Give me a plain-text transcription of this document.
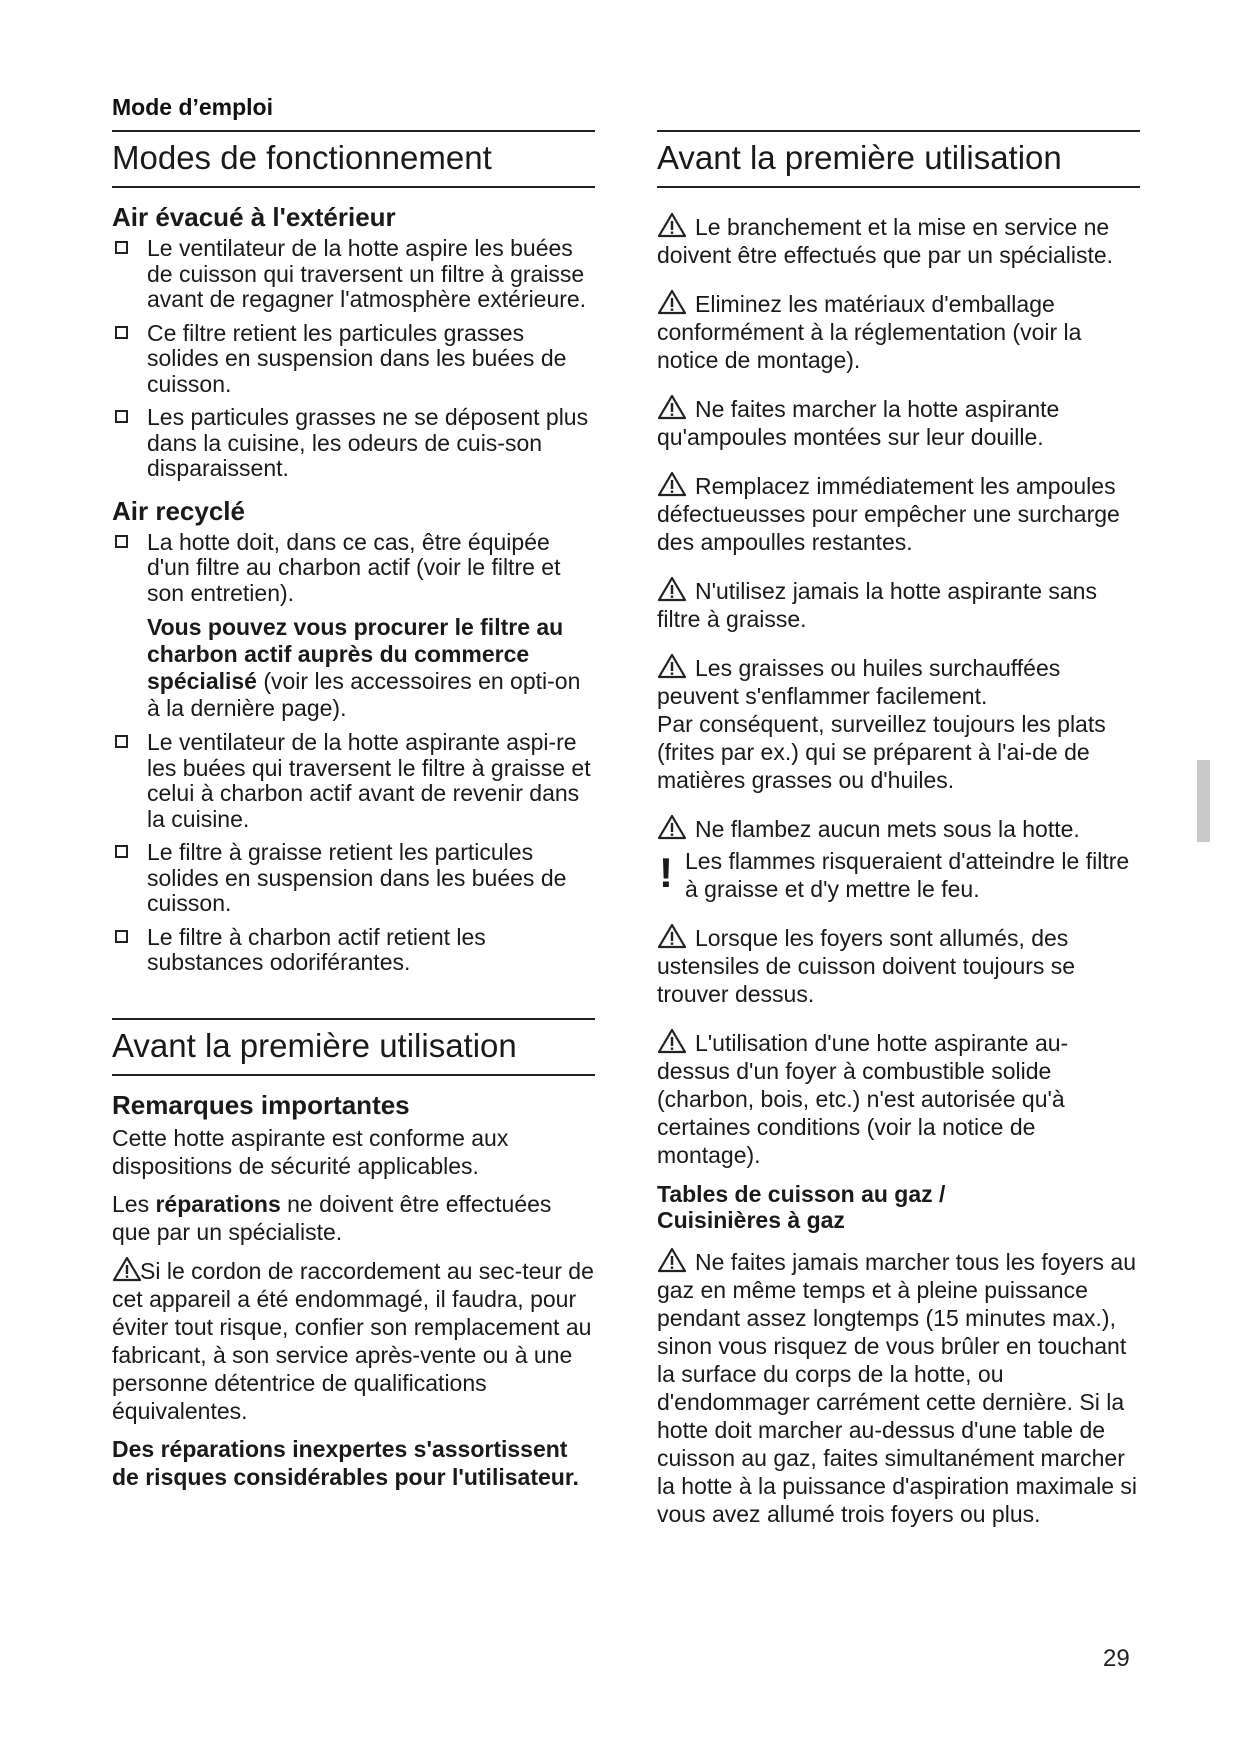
Mode d’emploi
Modes de fonctionnement
Air évacué à l'extérieur
Le ventilateur de la hotte aspire les buées de cuisson qui traversent un filtre à graisse avant de regagner l'atmosphère extérieure.
Ce filtre retient les particules grasses solides en suspension dans les buées de cuisson.
Les particules grasses ne se déposent plus dans la cuisine, les odeurs de cuis-son disparaissent.
Air recyclé
La hotte doit, dans ce cas, être équipée d'un filtre au charbon actif (voir le filtre et son entretien).
Vous pouvez vous procurer le filtre au charbon actif auprès du commerce spécialisé (voir les accessoires en opti-on à la dernière page).
Le ventilateur de la hotte aspirante aspi-re les buées qui traversent le filtre à graisse et celui à charbon actif avant de revenir dans la cuisine.
Le filtre à graisse retient les particules solides en suspension dans les buées de cuisson.
Le filtre à charbon actif retient les substances odoriférantes.
Avant la première utilisation
Remarques importantes

Cette hotte aspirante est conforme aux dispositions de sécurité applicables.

Les réparations ne doivent être effectuées que par un spécialiste.

Si le cordon de raccordement au sec-teur de cet appareil a été endommagé, il faudra, pour éviter tout risque, confier son remplacement au fabricant, à son service après-vente ou à une personne détentrice de qualifications équivalentes.

Des réparations inexpertes s'assortissent de risques considérables pour l'utilisateur.

Avant la première utilisation
Le branchement et la mise en service ne doivent être effectués que par un spécialiste.
Eliminez les matériaux d'emballage conformément à la réglementation (voir la notice de montage).
Ne faites marcher la hotte aspirante qu'ampoules montées sur leur douille.
Remplacez immédiatement les ampoules défectueusses pour empêcher une surcharge des ampoulles restantes.
N'utilisez jamais la hotte aspirante sans filtre à graisse.
Les graisses ou huiles surchauffées peuvent s'enflammer facilement.
Par conséquent, surveillez toujours les plats (frites par ex.) qui se préparent à l'ai-de de matières grasses ou d'huiles.
Ne flambez aucun mets sous la hotte.
! Les flammes risqueraient d'atteindre le filtre à graisse et d'y mettre le feu.
Lorsque les foyers sont allumés, des ustensiles de cuisson doivent toujours se trouver dessus.
L'utilisation d'une hotte aspirante au-dessus d'un foyer à combustible solide (charbon, bois, etc.) n'est autorisée qu'à certaines conditions (voir la notice de montage).
Tables de cuisson au gaz /
Cuisinières à gaz
Ne faites jamais marcher tous les foyers au gaz en même temps et à pleine puissance pendant assez longtemps (15 minutes max.), sinon vous risquez de vous brûler en touchant la surface du corps de la hotte, ou d'endommager carrément cette dernière. Si la hotte doit marcher au-dessus d'une table de cuisson au gaz, faites simultanément marcher la hotte à la puissance d'aspiration maximale si vous avez allumé trois foyers ou plus.
29
